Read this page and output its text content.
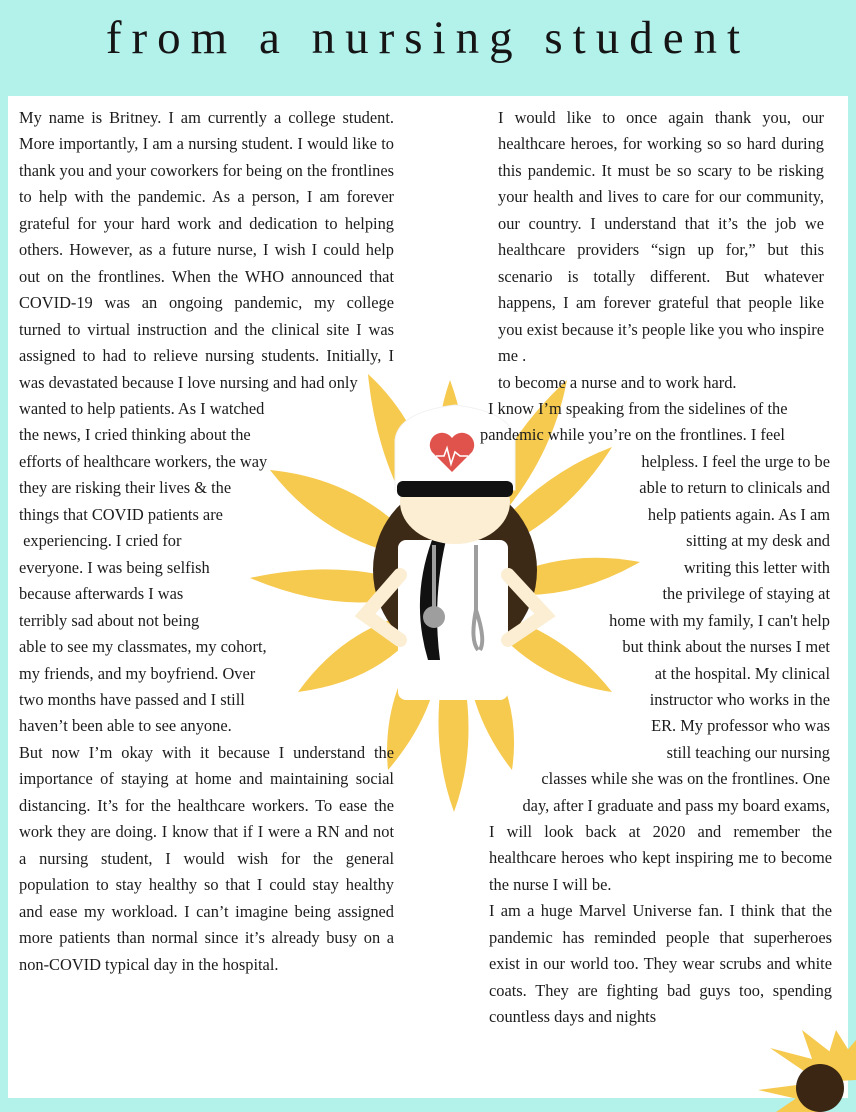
from a nursing student

My name is Britney. I am currently a college student. More importantly, I am a nursing student. I would like to thank you and your coworkers for being on the frontlines to help with the pandemic. As a person, I am forever grateful for your hard work and dedication to helping others. However, as a future nurse, I wish I could help out on the frontlines. When the WHO announced that COVID-19 was an ongoing pandemic, my college turned to virtual instruction and the clinical site I was assigned to had to relieve nursing students. Initially, I was devastated because I love nursing and had only

wanted to help patients. As I watched
the news, I cried thinking about the
efforts of healthcare workers, the way
they are risking their lives & the
things that COVID patients are
experiencing. I cried for
everyone. I was being selfish
because afterwards I was
terribly sad about not being
able to see my classmates, my cohort,
my friends, and my boyfriend. Over
two months have passed and I still
haven’t been able to see anyone.

But now I’m okay with it because I understand the importance of staying at home and maintaining social distancing. It’s for the healthcare workers. To ease the work they are doing. I know that if I were a RN and not a nursing student, I would wish for the general population to stay healthy so that I could stay healthy and ease my workload. I can’t imagine being assigned more patients than normal since it’s already busy on a non-COVID typical day in the hospital.

I would like to once again thank you, our healthcare heroes, for working so so hard during this pandemic. It must be so scary to be risking your health and lives to care for our community, our country. I understand that it’s the job we healthcare providers “sign up for,” but this scenario is totally different. But whatever happens, I am forever grateful that people like you exist because it’s people like you who inspire me .

to become a nurse and to work hard.
I know I’m speaking from the sidelines of the
pandemic while you’re on the frontlines. I feel
helpless. I feel the urge to be
able to return to clinicals and
help patients again. As I am
sitting at my desk and
writing this letter with
the privilege of staying at
home with my family, I can't help
but think about the nurses I met
at the hospital. My clinical
instructor who works in the
ER. My professor who was
still teaching our nursing
classes while she was on the frontlines. One
day, after I graduate and pass my board exams,

I will look back at 2020 and remember the healthcare heroes who kept inspiring me to become the nurse I will be.

I am a huge Marvel Universe fan. I think that the pandemic has reminded people that superheroes exist in our world too. They wear scrubs and white coats. They are fighting bad guys too, spending countless days and nights
